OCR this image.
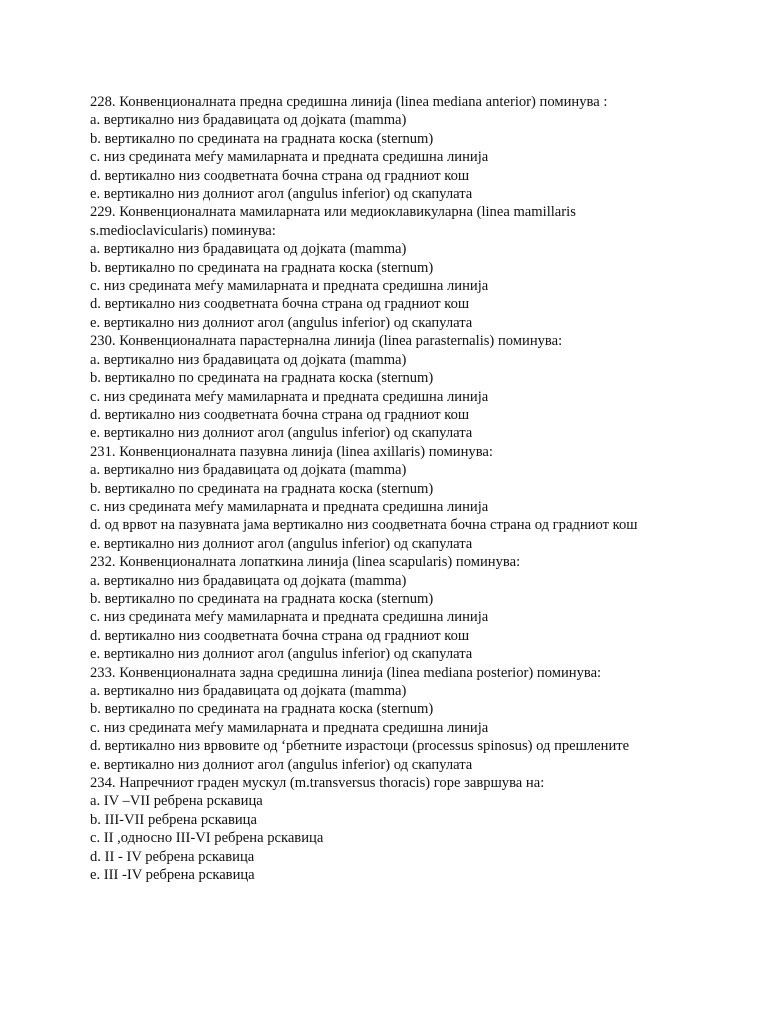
228. Конвенционалната предна средишна линија (linea mediana anterior) поминува :

a. вертикално низ брадавицата од дојката (mamma)

b. вертикално по средината на градната коска (sternum)

c. низ средината меѓу мамиларната и предната средишна линија

d. вертикално низ соодветната бочна страна од градниот кош

e. вертикално низ долниот агол (angulus inferior) од скапулата

229. Конвенционалната мамиларната или медиоклавикуларна (linea mamillaris s.medioclavicularis) поминува:

a. вертикално низ брадавицата од дојката (mamma)

b. вертикално по средината на градната коска (sternum)

c. низ средината меѓу мамиларната и предната средишна линија

d. вертикално низ соодветната бочна страна од градниот кош

e. вертикално низ долниот агол (angulus inferior) од скапулата

230. Конвенционалната парастернална линија (linea parasternalis) поминува:

a. вертикално низ брадавицата од дојката (mamma)

b. вертикално по средината на градната коска (sternum)

c. низ средината меѓу мамиларната и предната средишна линија

d. вертикално низ соодветната бочна страна од градниот кош

e. вертикално низ долниот агол (angulus inferior) од скапулата

231. Конвенционалната пазувна линија (linea axillaris) поминува:

a. вертикално низ брадавицата од дојката (mamma)

b. вертикално по средината на градната коска (sternum)

c. низ средината меѓу мамиларната и предната средишна линија

d. од врвот на пазувната јама вертикално низ соодветната бочна страна од градниот кош

e. вертикално низ долниот агол (angulus inferior) од скапулата

232. Конвенционалната лопаткина линија (linea scapularis) поминува:

a. вертикално низ брадавицата од дојката (mamma)

b. вертикално по средината на градната коска (sternum)

c. низ средината меѓу мамиларната и предната средишна линија

d. вертикално низ соодветната бочна страна од градниот кош

e. вертикално низ долниот агол (angulus inferior) од скапулата

233. Конвенционалната задна средишна линија (linea mediana posterior) поминува:

a. вертикално низ брадавицата од дојката (mamma)

b. вертикално по средината на градната коска (sternum)

c. низ средината меѓу мамиларната и предната средишна линија

d. вертикално низ врвовите од ‘рбетните израстоци (processus spinosus) од прешлените

e. вертикално низ долниот агол (angulus inferior) од скапулата

234. Напречниот граден мускул (m.transversus thoracis) горе завршува на:

a. IV –VII ребрена рскавица

b. III-VII ребрена рскавица

c. II ,односно III-VI ребрена рскавица

d. II - IV ребрена рскавица

e. III -IV ребрена рскавица
